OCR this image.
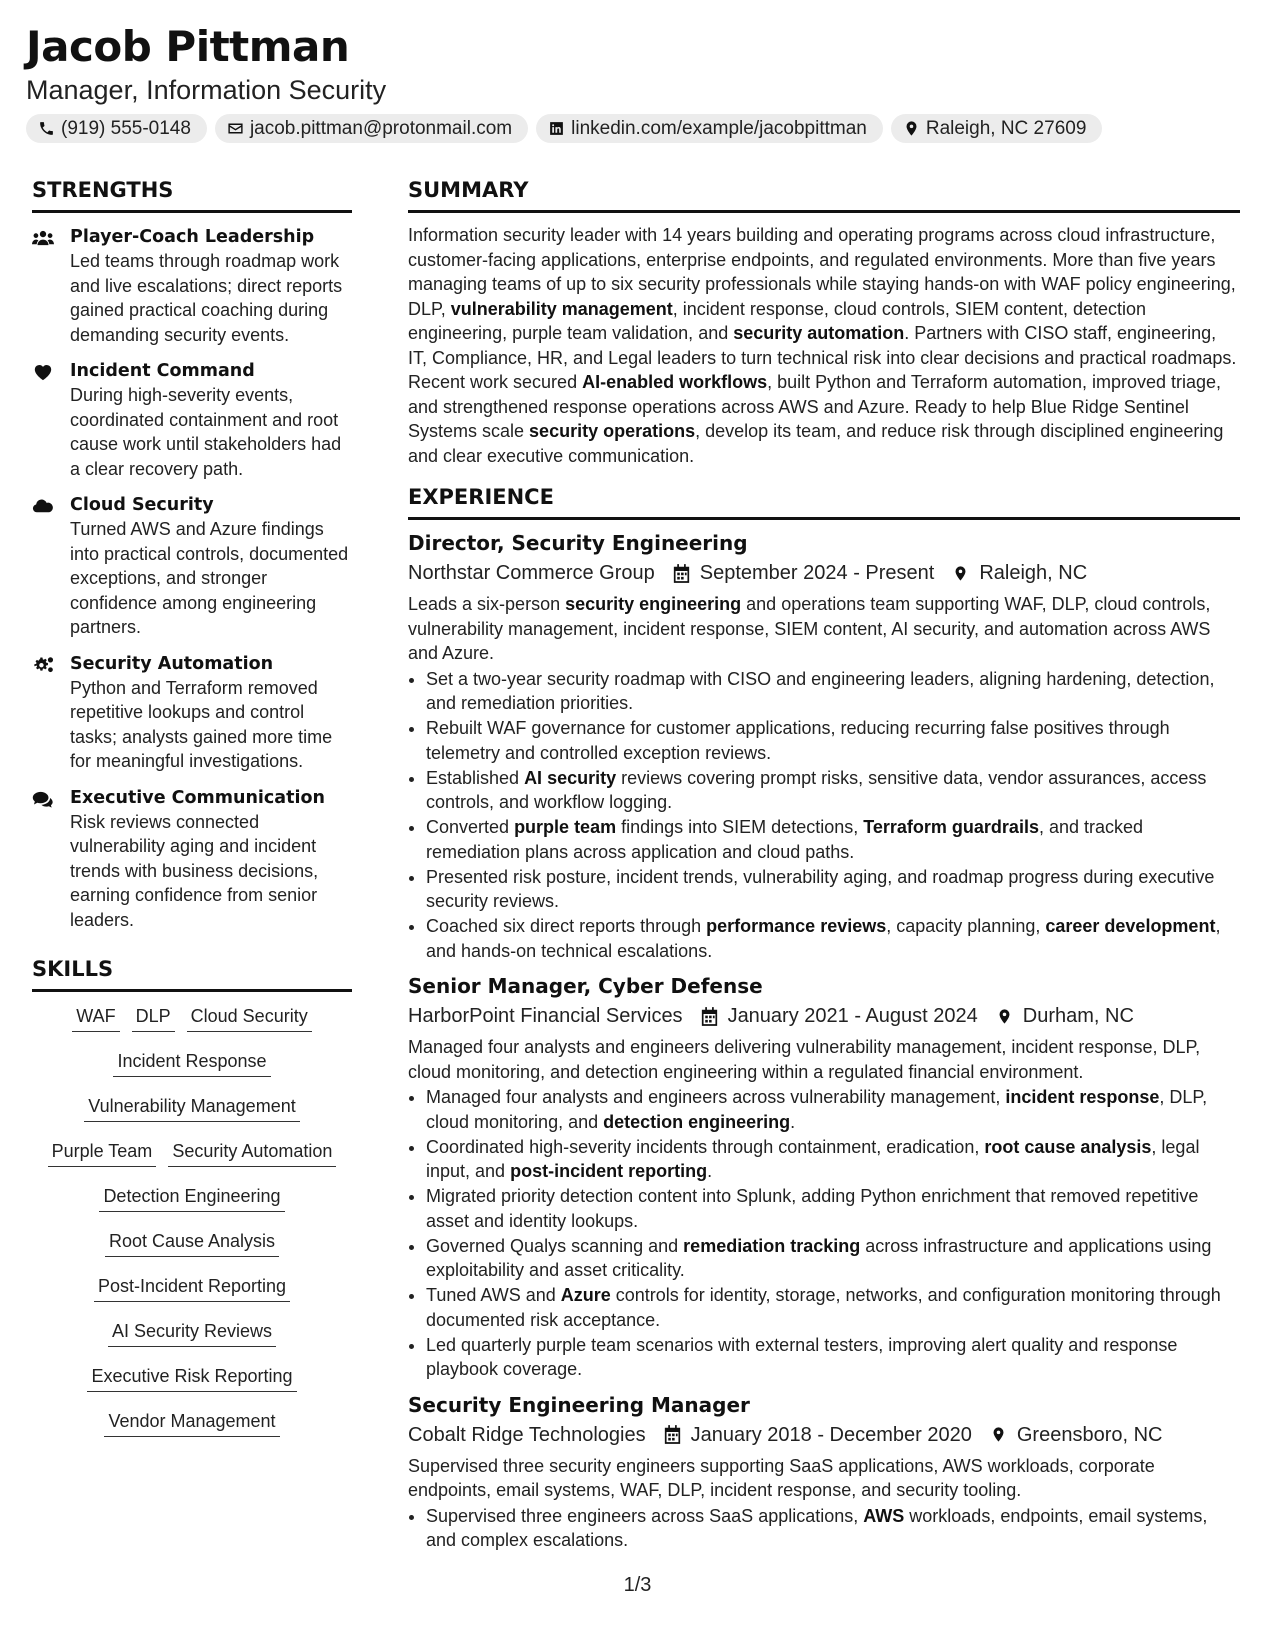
Jacob Pittman
Manager, Information Security
(919) 555-0148	jacob.pittman@protonmail.com	linkedin.com/example/jacobpittman	Raleigh, NC 27609
STRENGTHS
Player-Coach Leadership
Led teams through roadmap work and live escalations; direct reports gained practical coaching during demanding security events.
Incident Command
During high-severity events, coordinated containment and root cause work until stakeholders had a clear recovery path.
Cloud Security
Turned AWS and Azure findings into practical controls, documented exceptions, and stronger confidence among engineering partners.
Security Automation
Python and Terraform removed repetitive lookups and control tasks; analysts gained more time for meaningful investigations.
Executive Communication
Risk reviews connected vulnerability aging and incident trends with business decisions, earning confidence from senior leaders.
SKILLS
WAF DLP Cloud Security
Incident Response
Vulnerability Management
Purple Team Security Automation
Detection Engineering
Root Cause Analysis
Post-Incident Reporting
AI Security Reviews
Executive Risk Reporting
Vendor Management
SUMMARY
Information security leader with 14 years building and operating programs across cloud infrastructure, customer-facing applications, enterprise endpoints, and regulated environments. More than five years managing teams of up to six security professionals while staying hands-on with WAF policy engineering, DLP, vulnerability management, incident response, cloud controls, SIEM content, detection engineering, purple team validation, and security automation. Partners with CISO staff, engineering, IT, Compliance, HR, and Legal leaders to turn technical risk into clear decisions and practical roadmaps. Recent work secured AI-enabled workflows, built Python and Terraform automation, improved triage, and strengthened response operations across AWS and Azure. Ready to help Blue Ridge Sentinel Systems scale security operations, develop its team, and reduce risk through disciplined engineering and clear executive communication.
EXPERIENCE
Director, Security Engineering
Northstar Commerce Group September 2024 - Present Raleigh, NC
Leads a six-person security engineering and operations team supporting WAF, DLP, cloud controls, vulnerability management, incident response, SIEM content, AI security, and automation across AWS and Azure.
• Set a two-year security roadmap with CISO and engineering leaders, aligning hardening, detection, and remediation priorities.
• Rebuilt WAF governance for customer applications, reducing recurring false positives through telemetry and controlled exception reviews.
• Established AI security reviews covering prompt risks, sensitive data, vendor assurances, access controls, and workflow logging.
• Converted purple team findings into SIEM detections, Terraform guardrails, and tracked remediation plans across application and cloud paths.
• Presented risk posture, incident trends, vulnerability aging, and roadmap progress during executive security reviews.
• Coached six direct reports through performance reviews, capacity planning, career development, and hands-on technical escalations.
Senior Manager, Cyber Defense
HarborPoint Financial Services January 2021 - August 2024 Durham, NC
Managed four analysts and engineers delivering vulnerability management, incident response, DLP, cloud monitoring, and detection engineering within a regulated financial environment.
• Managed four analysts and engineers across vulnerability management, incident response, DLP, cloud monitoring, and detection engineering.
• Coordinated high-severity incidents through containment, eradication, root cause analysis, legal input, and post-incident reporting.
• Migrated priority detection content into Splunk, adding Python enrichment that removed repetitive asset and identity lookups.
• Governed Qualys scanning and remediation tracking across infrastructure and applications using exploitability and asset criticality.
• Tuned AWS and Azure controls for identity, storage, networks, and configuration monitoring through documented risk acceptance.
• Led quarterly purple team scenarios with external testers, improving alert quality and response playbook coverage.
Security Engineering Manager
Cobalt Ridge Technologies January 2018 - December 2020 Greensboro, NC
Supervised three security engineers supporting SaaS applications, AWS workloads, corporate endpoints, email systems, WAF, DLP, incident response, and security tooling.
• Supervised three engineers across SaaS applications, AWS workloads, endpoints, email systems, and complex escalations.
1/3
